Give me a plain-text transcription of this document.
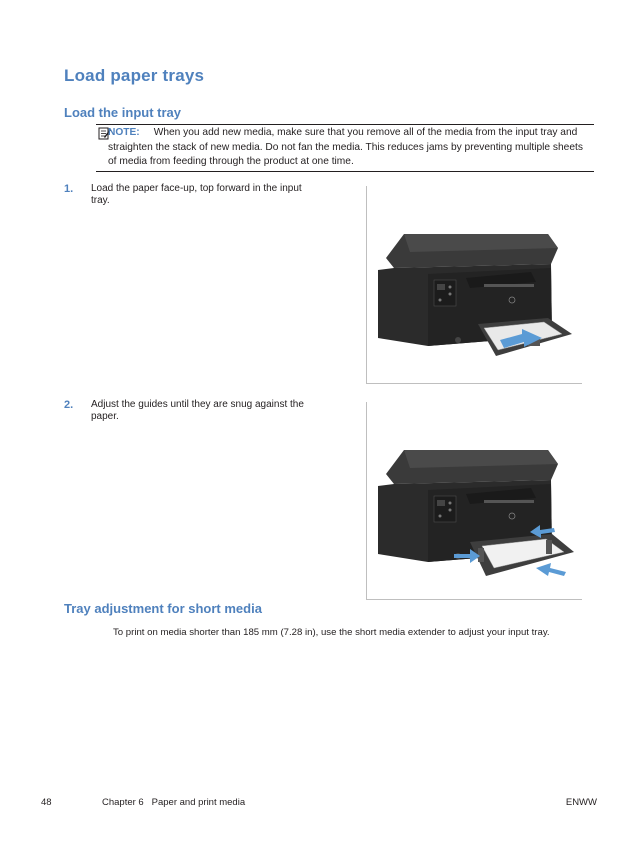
Load paper trays
Load the input tray
NOTE: When you add new media, make sure that you remove all of the media from the input tray and straighten the stack of new media. Do not fan the media. This reduces jams by preventing multiple sheets of media from feeding through the product at one time.
1. Load the paper face-up, top forward in the input tray.
2. Adjust the guides until they are snug against the paper.
Tray adjustment for short media

To print on media shorter than 185 mm (7.28 in), use the short media extender to adjust your input tray.

48	Chapter 6   Paper and print media	ENWW
